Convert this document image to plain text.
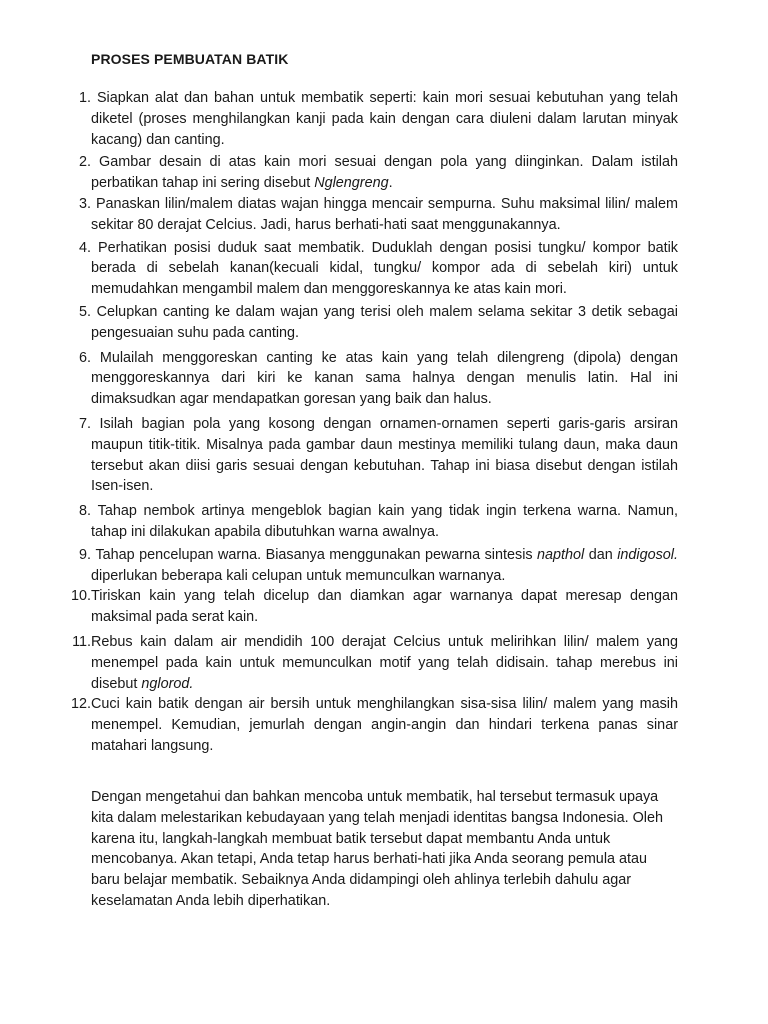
PROSES PEMBUATAN BATIK
1. Siapkan alat dan bahan untuk membatik seperti: kain mori sesuai kebutuhan yang telah diketel (proses menghilangkan kanji pada kain dengan cara diuleni dalam larutan minyak kacang) dan canting.
2. Gambar desain di atas kain mori sesuai dengan pola yang diinginkan. Dalam istilah perbatikan tahap ini sering disebut Nglengreng.
3. Panaskan lilin/malem diatas wajan hingga mencair sempurna. Suhu maksimal lilin/ malem sekitar 80 derajat Celcius. Jadi, harus berhati-hati saat menggunakannya.
4. Perhatikan posisi duduk saat membatik. Duduklah dengan posisi tungku/ kompor batik berada di sebelah kanan(kecuali kidal, tungku/ kompor ada di sebelah kiri) untuk memudahkan mengambil malem dan menggoreskannya ke atas kain mori.
5. Celupkan canting ke dalam wajan yang terisi oleh malem selama sekitar 3 detik sebagai pengesuaian suhu pada canting.
6. Mulailah menggoreskan canting ke atas kain yang telah dilengreng (dipola) dengan menggoreskannya dari kiri ke kanan sama halnya dengan menulis latin. Hal ini dimaksudkan agar mendapatkan goresan yang baik dan halus.
7. Isilah bagian pola yang kosong dengan ornamen-ornamen seperti garis-garis arsiran maupun titik-titik. Misalnya pada gambar daun mestinya memiliki tulang daun, maka daun tersebut akan diisi garis sesuai dengan kebutuhan. Tahap ini biasa disebut dengan istilah Isen-isen.
8. Tahap nembok artinya mengeblok bagian kain yang tidak ingin terkena warna. Namun, tahap ini dilakukan apabila dibutuhkan warna awalnya.
9. Tahap pencelupan warna. Biasanya menggunakan pewarna sintesis napthol dan indigosol. diperlukan beberapa kali celupan untuk memunculkan warnanya.
10. Tiriskan kain yang telah dicelup dan diamkan agar warnanya dapat meresap dengan maksimal pada serat kain.
11. Rebus kain dalam air mendidih 100 derajat Celcius untuk melirihkan lilin/ malem yang menempel pada kain untuk memunculkan motif yang telah didisain. tahap merebus ini disebut nglorod.
12. Cuci kain batik dengan air bersih untuk menghilangkan sisa-sisa lilin/ malem yang masih menempel. Kemudian, jemurlah dengan angin-angin dan hindari terkena panas sinar matahari langsung.
Dengan mengetahui dan bahkan mencoba untuk membatik, hal tersebut termasuk upaya kita dalam melestarikan kebudayaan yang telah menjadi identitas bangsa Indonesia. Oleh karena itu, langkah-langkah membuat batik tersebut dapat membantu Anda untuk mencobanya. Akan tetapi, Anda tetap harus berhati-hati jika Anda seorang pemula atau baru belajar membatik. Sebaiknya Anda didampingi oleh ahlinya terlebih dahulu agar keselamatan Anda lebih diperhatikan.
